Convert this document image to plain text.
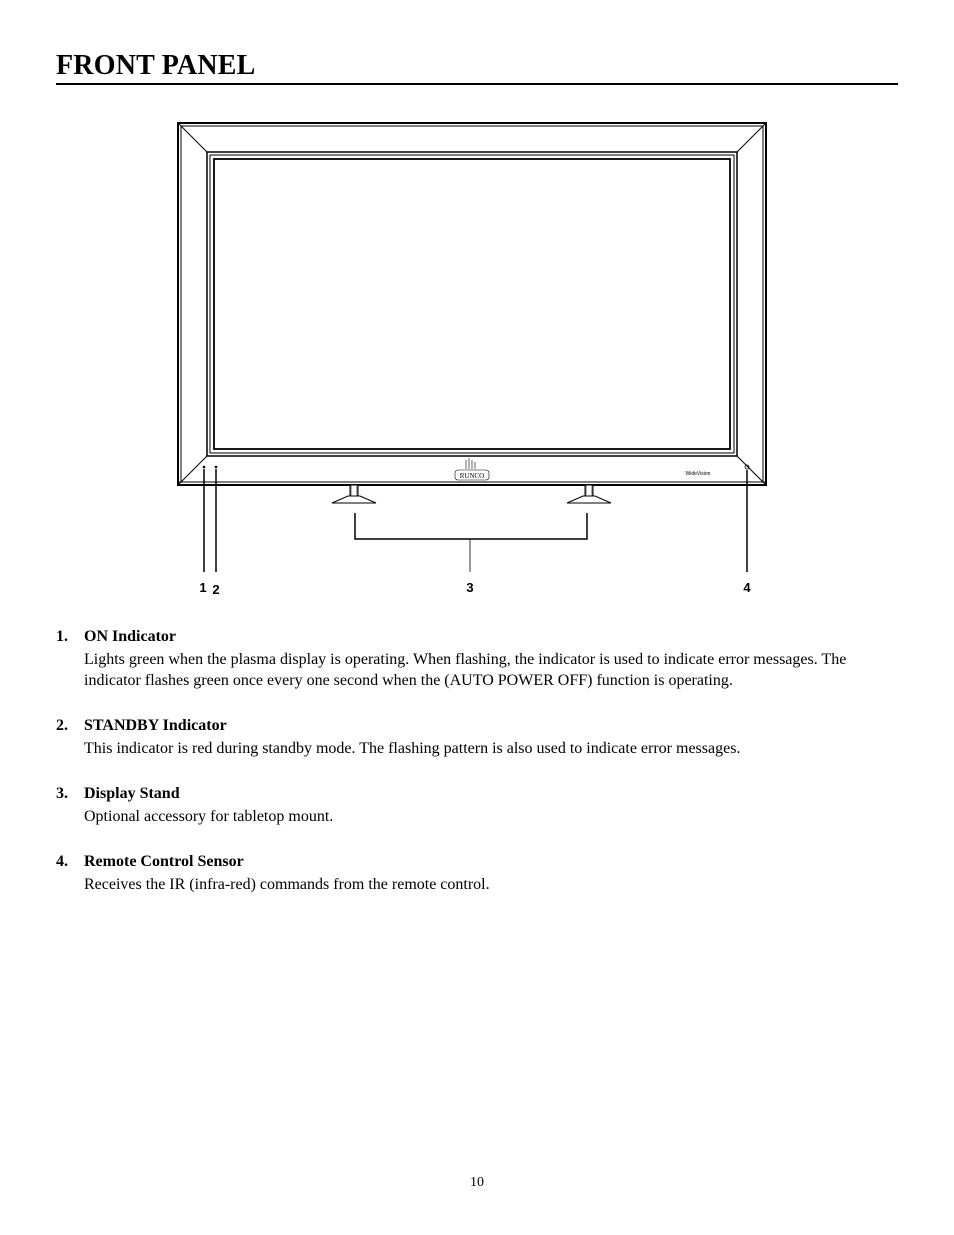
FRONT PANEL
RUNCO	WideVision
1 2	3	4
1. ON Indicator
Lights green when the plasma display is operating. When flashing, the indicator is used to indicate error messages. The indicator flashes green once every one second when the (AUTO POWER OFF) function is operating.
2. STANDBY Indicator
This indicator is red during standby mode. The flashing pattern is also used to indicate error messages.
3. Display Stand
Optional accessory for tabletop mount.
4. Remote Control Sensor
Receives the IR (infra-red) commands from the remote control.
10
